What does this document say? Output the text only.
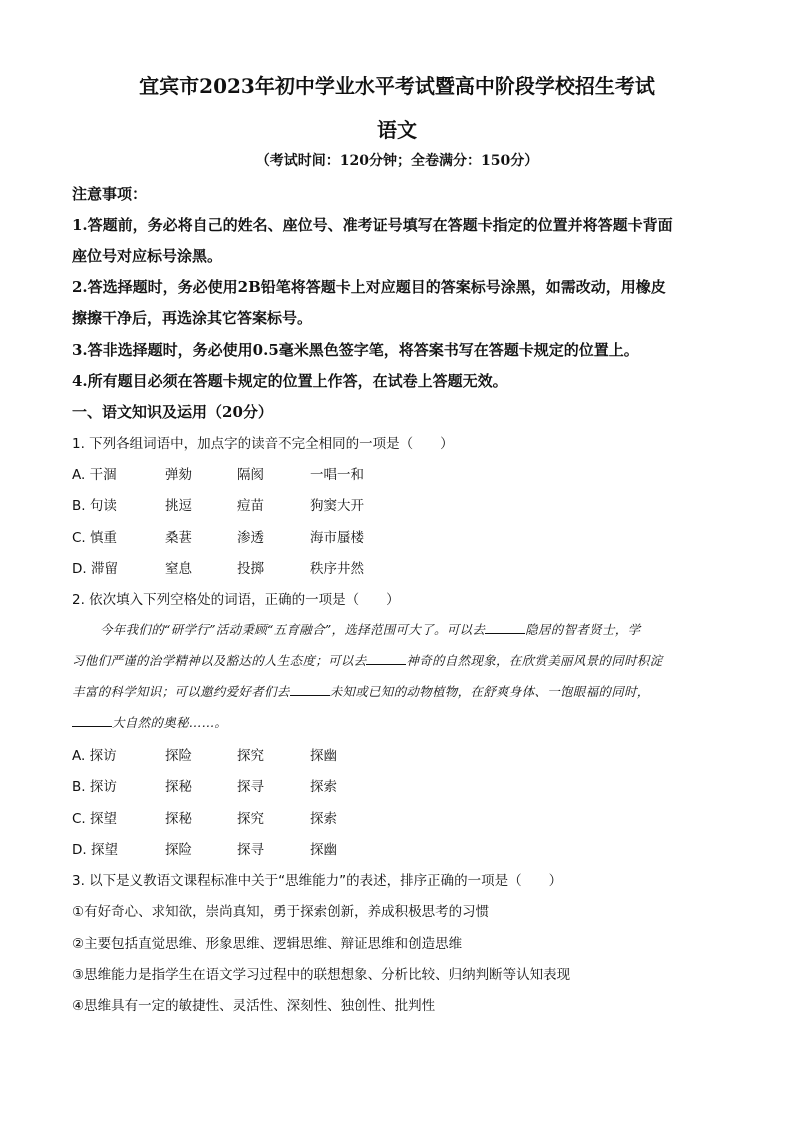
宜宾市2023年初中学业水平考试暨高中阶段学校招生考试
语文
（考试时间：120分钟；全卷满分：150分）
注意事项：
1.答题前，务必将自己的姓名、座位号、准考证号填写在答题卡指定的位置并将答题卡背面
座位号对应标号涂黑。
2.答选择题时，务必使用2B铅笔将答题卡上对应题目的答案标号涂黑，如需改动，用橡皮
擦擦干净后，再选涂其它答案标号。
3.答非选择题时，务必使用0.5毫米黑色签字笔，将答案书写在答题卡规定的位置上。
4.所有题目必须在答题卡规定的位置上作答，在试卷上答题无效。
一、语文知识及运用（20分）
1. 下列各组词语中，加点字的读音不完全相同的一项是（　　）
A. 干涸	弹劾	隔阂	一唱一和
B. 句读	挑逗	痘苗	狗窦大开
C. 慎重	桑葚	渗透	海市蜃楼
D. 滞留	窒息	投掷	秩序井然
2. 依次填入下列空格处的词语，正确的一项是（　　）
今年我们的“研学行”活动秉顾“五育融合”，选择范围可大了。可以去	隐居的智者贤士，学
习他们严谨的治学精神以及豁达的人生态度；可以去	神奇的自然现象，在欣赏美丽风景的同时积淀
丰富的科学知识；可以邀约爱好者们去	未知或已知的动物植物，在舒爽身体、一饱眼福的同时，
大自然的奥秘……。
A. 探访	探险	探究	探幽
B. 探访	探秘	探寻	探索
C. 探望	探秘	探究	探索
D. 探望	探险	探寻	探幽
3. 以下是义教语文课程标准中关于“思维能力”的表述，排序正确的一项是（　　）
①有好奇心、求知欲，崇尚真知，勇于探索创新，养成积极思考的习惯
②主要包括直觉思维、形象思维、逻辑思维、辩证思维和创造思维
③思维能力是指学生在语文学习过程中的联想想象、分析比较、归纳判断等认知表现
④思维具有一定的敏捷性、灵活性、深刻性、独创性、批判性
